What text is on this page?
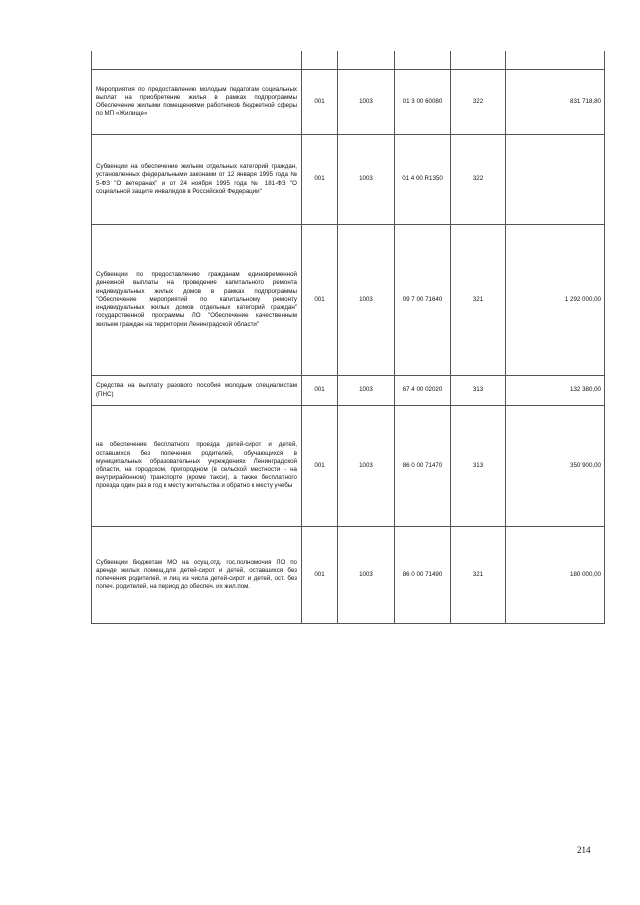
Мероприятия по предоставлению молодым педагогам социальных выплат на приобретение жилья в рамках подпрограммы Обеспечение жилыми помещениями работников бюджетной сферы по МП «Жилище»	001	1003	01 3 00 60080	322	831 718,80
Субвенции на обеспечение жильем отдельных категорий граждан, установленных федеральными законами от 12 января 1995 года № 5-ФЗ "О ветеранах" и от 24 ноября 1995 года № 181-ФЗ "О социальной защите инвалидов в Российской Федерации"	001	1003	01 4 00 R1350	322	
Субвенции по предоставлению гражданам единовременной денежной выплаты на проведение капитального ремонта индивидуальных жилых домов в рамках подпрограммы "Обеспечение мероприятий по капитальному ремонту индивидуальных жилых домов отдельных категорий граждан" государственной программы ЛО "Обеспечение качественным жильем граждан на территории Ленинградской области"	001	1003	09 7 00 71640	321	1 292 000,00
Средства на выплату разового пособия молодым специалистам (ПНС)	001	1003	67 4 00 02020	313	132 380,00
на обеспечение бесплатного проезда детей-сирот и детей, оставшихся без попечения родителей, обучающихся в муниципальных образовательных учреждениях Ленинградской области, на городском, пригородном (в сельской местности - на внутрирайонном) транспорте (кроме такси), а также бесплатного проезда один раз в год к месту жительства и обратно к месту учебы	001	1003	86 0 00 71470	313	350 900,00
Субвенции бюджетам МО на осущ.отд. гос.полномочия ЛО по аренде жилых помещ.для детей-сирот и детей, оставшихся без попечения родителей, и лиц из числа детей-сирот и детей, ост. без попеч. родителей, на период до обеспеч. их жил.пом.	001	1003	86 0 00 71490	321	180 000,00
214
